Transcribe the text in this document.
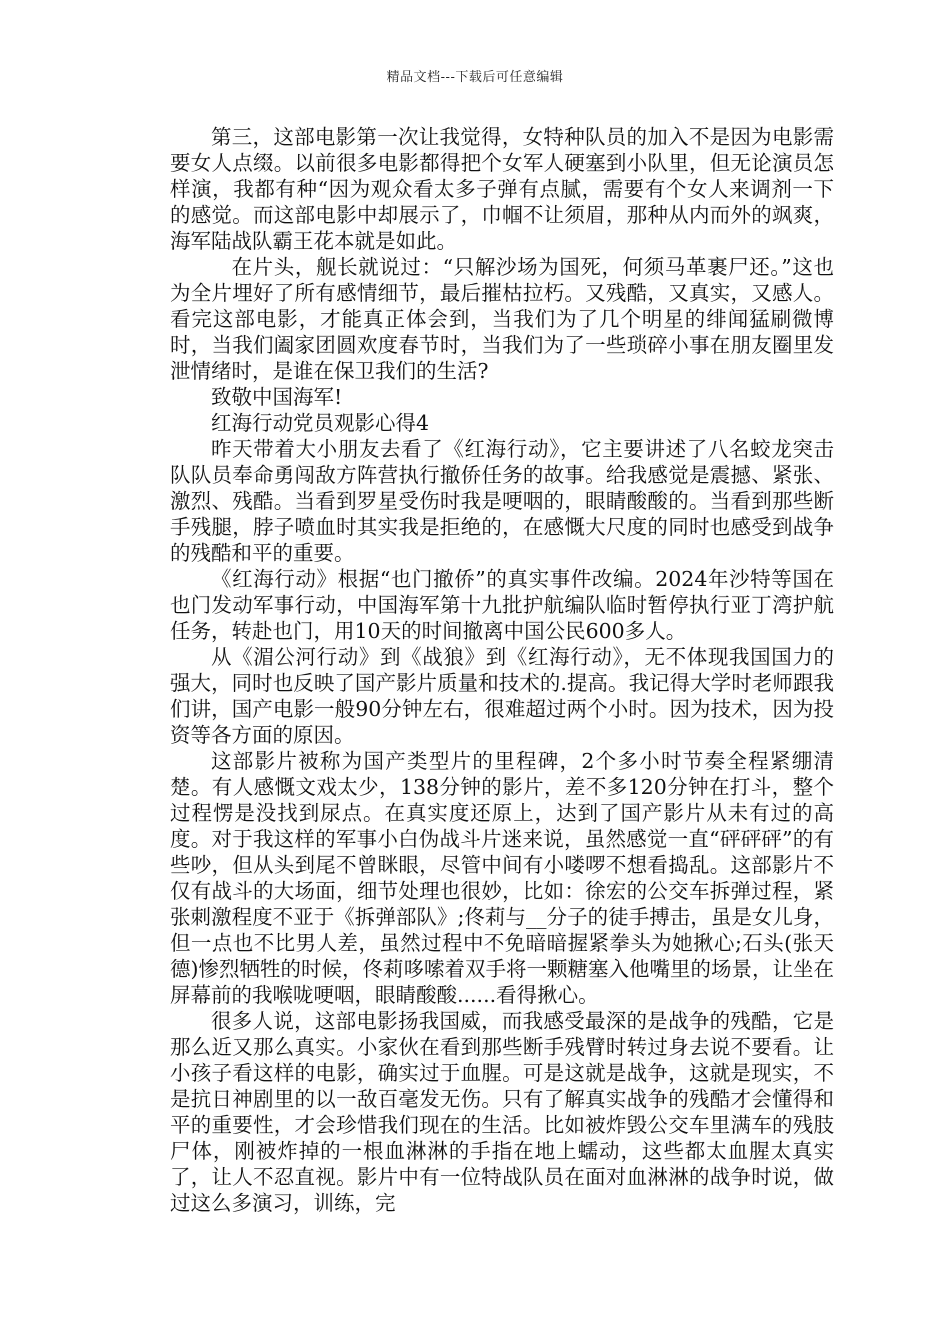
精品文档---下载后可任意编辑

第三，这部电影第一次让我觉得，女特种队员的加入不是因为电影需要女人点缀。以前很多电影都得把个女军人硬塞到小队里，但无论演员怎样演，我都有种“因为观众看太多子弹有点腻，需要有个女人来调剂一下的感觉。而这部电影中却展示了，巾帼不让须眉，那种从内而外的飒爽，海军陆战队霸王花本就是如此。

在片头，舰长就说过：“只解沙场为国死，何须马革裹尸还。”这也为全片埋好了所有感情细节，最后摧枯拉朽。又残酷，又真实，又感人。看完这部电影，才能真正体会到，当我们为了几个明星的绯闻猛刷微博时，当我们阖家团圆欢度春节时，当我们为了一些琐碎小事在朋友圈里发泄情绪时，是谁在保卫我们的生活?

致敬中国海军!

红海行动党员观影心得4

昨天带着大小朋友去看了《红海行动》，它主要讲述了八名蛟龙突击队队员奉命勇闯敌方阵营执行撤侨任务的故事。给我感觉是震撼、紧张、激烈、残酷。当看到罗星受伤时我是哽咽的，眼睛酸酸的。当看到那些断手残腿，脖子喷血时其实我是拒绝的，在感慨大尺度的同时也感受到战争的残酷和平的重要。

《红海行动》根据“也门撤侨”的真实事件改编。2024年沙特等国在也门发动军事行动，中国海军第十九批护航编队临时暂停执行亚丁湾护航任务，转赴也门，用10天的时间撤离中国公民600多人。

从《湄公河行动》到《战狼》到《红海行动》，无不体现我国国力的强大，同时也反映了国产影片质量和技术的.提高。我记得大学时老师跟我们讲，国产电影一般90分钟左右，很难超过两个小时。因为技术，因为投资等各方面的原因。

这部影片被称为国产类型片的里程碑，2个多小时节奏全程紧绷清楚。有人感慨文戏太少，138分钟的影片，差不多120分钟在打斗，整个过程愣是没找到尿点。在真实度还原上，达到了国产影片从未有过的高度。对于我这样的军事小白伪战斗片迷来说，虽然感觉一直“砰砰砰”的有些吵，但从头到尾不曾眯眼，尽管中间有小喽啰不想看捣乱。这部影片不仅有战斗的大场面，细节处理也很妙，比如：徐宏的公交车拆弹过程，紧张刺激程度不亚于《拆弹部队》;佟莉与__分子的徒手搏击，虽是女儿身，但一点也不比男人差，虽然过程中不免暗暗握紧拳头为她揪心;石头(张天德)惨烈牺牲的时候，佟莉哆嗦着双手将一颗糖塞入他嘴里的场景，让坐在屏幕前的我喉咙哽咽，眼睛酸酸......看得揪心。

很多人说，这部电影扬我国威，而我感受最深的是战争的残酷，它是那么近又那么真实。小家伙在看到那些断手残臂时转过身去说不要看。让小孩子看这样的电影，确实过于血腥。可是这就是战争，这就是现实，不是抗日神剧里的以一敌百毫发无伤。只有了解真实战争的残酷才会懂得和平的重要性，才会珍惜我们现在的生活。比如被炸毁公交车里满车的残肢尸体，刚被炸掉的一根血淋淋的手指在地上蠕动，这些都太血腥太真实了，让人不忍直视。影片中有一位特战队员在面对血淋淋的战争时说，做过这么多演习，训练，完
